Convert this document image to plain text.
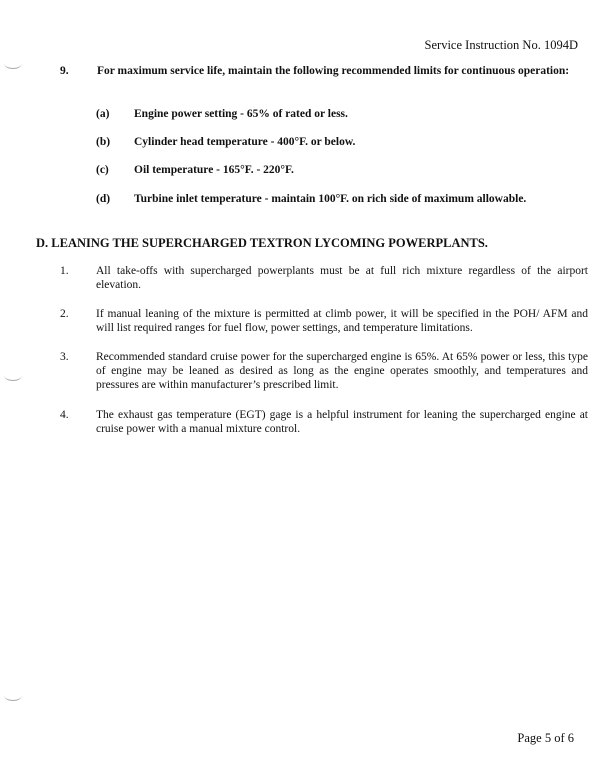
Service Instruction No. 1094D
9. For maximum service life, maintain the following recommended limits for continuous operation:
(a) Engine power setting - 65% of rated or less.
(b) Cylinder head temperature - 400°F. or below.
(c) Oil temperature - 165°F. - 220°F.
(d) Turbine inlet temperature - maintain 100°F. on rich side of maximum allowable.
D. LEANING THE SUPERCHARGED TEXTRON LYCOMING POWERPLANTS.
1. All take-offs with supercharged powerplants must be at full rich mixture regardless of the airport elevation.
2. If manual leaning of the mixture is permitted at climb power, it will be specified in the POH/ AFM and will list required ranges for fuel flow, power settings, and temperature limitations.
3. Recommended standard cruise power for the supercharged engine is 65%. At 65% power or less, this type of engine may be leaned as desired as long as the engine operates smoothly, and temperatures and pressures are within manufacturer’s prescribed limit.
4. The exhaust gas temperature (EGT) gage is a helpful instrument for leaning the supercharged engine at cruise power with a manual mixture control.
Page 5 of 6
